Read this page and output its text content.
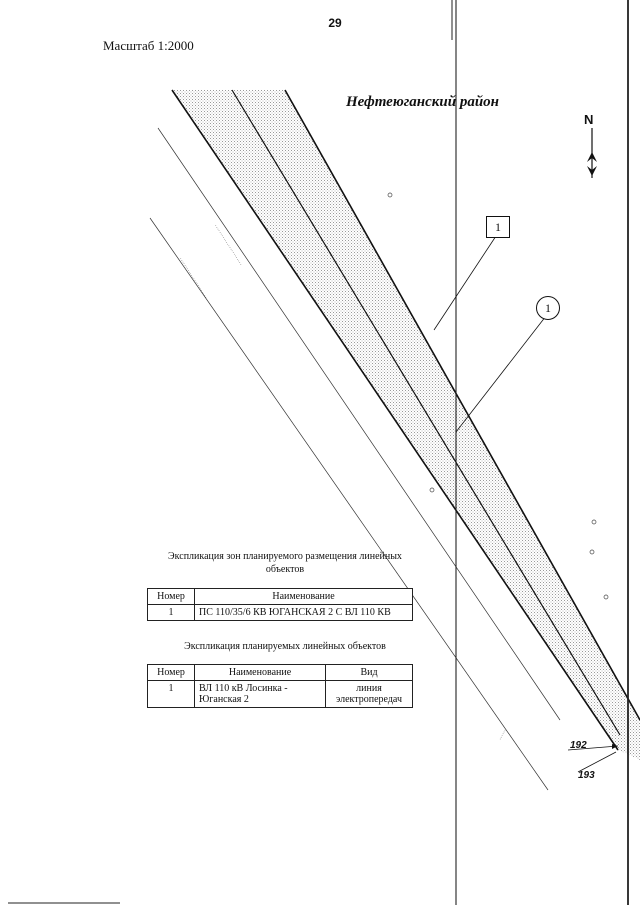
……………………
……………………
……
29
Масштаб 1:2000
Нефтеюганский район
N
1
1
192
193
Экспликация зон планируемого размещения линейных объектов
Номер	Наименование
1	ПС 110/35/6 КВ ЮГАНСКАЯ 2 С ВЛ 110 КВ
Экспликация планируемых линейных объектов
Номер	Наименование	Вид
1	ВЛ 110 кВ Лосинка - Юганская 2	линия электропередач
